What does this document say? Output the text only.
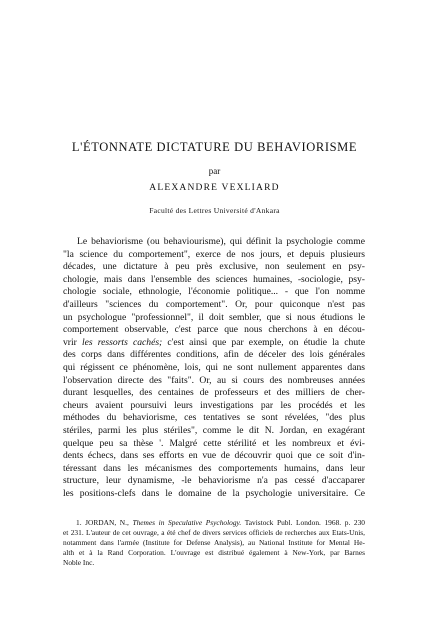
L'ÉTONNATE DICTATURE DU BEHAVIORISME
par
ALEXANDRE VEXLIARD
Faculté des Lettres Université d'Ankara
Le behaviorisme (ou behaviourisme), qui définit la psychologie comme
"la science du comportement", exerce de nos jours, et depuis plusieurs
décades, une dictature à peu près exclusive, non seulement en psy-
chologie, mais dans l'ensemble des sciences humaines, -sociologie, psy-
chologie sociale, ethnologie, l'économie politique... - que l'on nomme
d'ailleurs "sciences du comportement". Or, pour quiconque n'est pas
un psychologue "professionnel", il doit sembler, que si nous étudions le
comportement observable, c'est parce que nous cherchons à en décou-
vrir les ressorts cachés; c'est ainsi que par exemple, on étudie la chute
des corps dans différentes conditions, afin de déceler des lois générales
qui régissent ce phénomène, lois, qui ne sont nullement apparentes dans
l'observation directe des "faits". Or, au si cours des nombreuses années
durant lesquelles, des centaines de professeurs et des milliers de cher-
cheurs avaient poursuivi leurs investigations par les procédés et les
méthodes du behaviorisme, ces tentatives se sont révelées, "des plus
stériles, parmi les plus stériles", comme le dit N. Jordan, en exagérant
quelque peu sa thèse '. Malgré cette stérilité et les nombreux et évi-
dents échecs, dans ses efforts en vue de découvrir quoi que ce soit d'in-
téressant dans les mécanismes des comportements humains, dans leur
structure, leur dynamisme, -le behaviorisme n'a pas cessé d'accaparer
les positions-clefs dans le domaine de la psychologie universitaire. Ce
1. JORDAN, N., Themes in Speculative Psychology. Tavistock Publ. London. 1968. p. 230
et 231. L'auteur de cet ouvrage, a été chef de divers services officiels de recherches aux Etats-Unis,
notamment dans l'armée (Institute for Defense Analysis), au National Institute for Mental He-
alth et à la Rand Corporation. L'ouvrage est distribué également à New-York, par Barnes
Noble Inc.
